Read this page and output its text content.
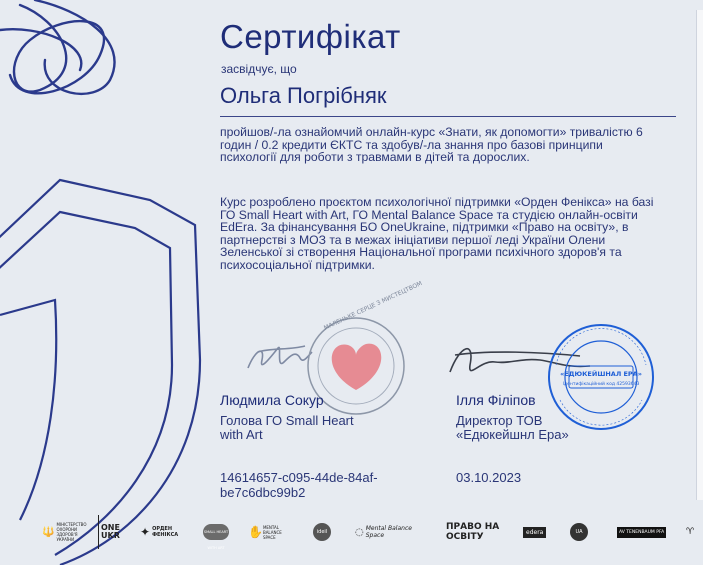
Сертифікат
засвідчує, що
Ольга Погрібняк
пройшов/-ла ознайомчий онлайн-курс «Знати, як допомогти» тривалістю 6 годин / 0.2 кредити ЄКТС та здобув/-ла знання про базові принципи психології для роботи з травмами в дітей та дорослих.
Курс розроблено проєктом психологічної підтримки «Орден Фенікса» на базі ГО Small Heart with Art, ГО Mental Balance Space та студією онлайн-освіти EdEra. За фінансування БО OneUkraine, підтримки «Право на освіту», в партнерстві з МОЗ та в межах ініціативи першої леді України Олени Зеленської зі створення Національної програми психічного здоров'я та психосоціальної підтримки.
МАЛЕНЬКЕ СЕРЦЕ З МИСТЕЦТВОМ
«ЕДЮКЕЙШНАЛ ЕРА»
Ідентифікаційний код 42593643
Людмила Сокур
Голова ГО Small Heart
with Art
14614657-c095-44de-84af-
be7c6dbc99b2
Ілля Філіпов
Директор ТОВ
«Едюкейшнл Ера»
03.10.2023
🔱
МІНІСТЕРСТВО ОХОРОНИ ЗДОРОВ'Я УКРАЇНИ
ONE UKR	✦ ОРДЕН ФЕНІКСА	SMALL HEART WITH ART
✋ MENTAL BALANCE SPACE
ideil	◌ Mental Balance Space
ПРАВО НА ОСВІТУ	edera	UA	AV TENENBAUM PFA ♈
